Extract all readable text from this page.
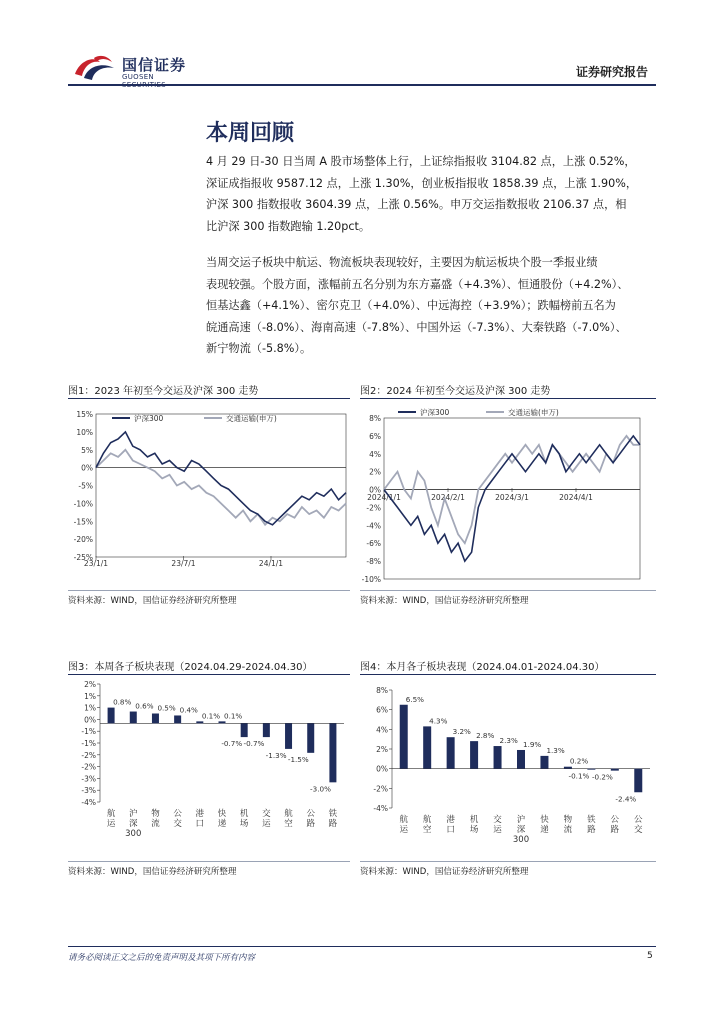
国信证券
GUOSEN	证券研究报告
本周回顾
4 月 29 日-30 日当周 A 股市场整体上行，上证综指报收 3104.82 点，上涨 0.52%，
深证成指报收 9587.12 点，上涨 1.30%，创业板指报收 1858.39 点，上涨 1.90%，
沪深 300 指数报收 3604.39 点，上涨 0.56%。申万交运指数报收 2106.37 点，相
比沪深 300 指数跑输 1.20pct。
当周交运子板块中航运、物流板块表现较好，主要因为航运板块个股一季报业绩
表现较强。个股方面，涨幅前五名分别为东方嘉盛（+4.3%）、恒通股份（+4.2%）、
恒基达鑫（+4.1%）、密尔克卫（+4.0%）、中远海控（+3.9%）；跌幅榜前五名为
皖通高速（-8.0%）、海南高速（-7.8%）、中国外运（-7.3%）、大秦铁路（-7.0%）、
新宁物流（-5.8%）。
图1：2023 年初至今交运及沪深 300 走势
15%
10%
5%
0%
-5%
-10%
-15%
-20%
-25%
23/1/1	23/7/1	24/1/1
沪深300	交通运输(申万)
资料来源：WIND，国信证券经济研究所整理
图2：2024 年初至今交运及沪深 300 走势
8%
6%
4%
2%
0%
-2%
-4%
-6%
-8%
-10%
2024/1/1	2024/2/1	2024/3/1	2024/4/1
沪深300	交通运输(申万)
资料来源：WIND，国信证券经济研究所整理
图3：本周各子板块表现（2024.04.29-2024.04.30）
2%
1%
1%
0%
-1%
-1%
-2%
-2%
-3%
-3%
-4%
0.8%
航
运
0.6%
沪
深
300
0.5%
物
流
0.4%
公
交
0.1%
港
口
0.1%
快
递
-0.7%
机
场
-0.7%
交
运
-1.3%
航
空
-1.5%
公
路
-3.0%
铁
路
资料来源：WIND，国信证券经济研究所整理
图4：本月各子板块表现（2024.04.01-2024.04.30）
8%
6%
4%
2%
0%
-2%
-4%
6.5%
航
运
4.3%
航
空
3.2%
港
口
2.8%
机
场
2.3%
交
运
1.9%
沪
深
300
1.3%
快
递
0.2%
物
流
-0.1%
铁
路
-0.2%
公
路
-2.4%
公
交
资料来源：WIND，国信证券经济研究所整理
请务必阅读正文之后的免责声明及其项下所有内容	5
